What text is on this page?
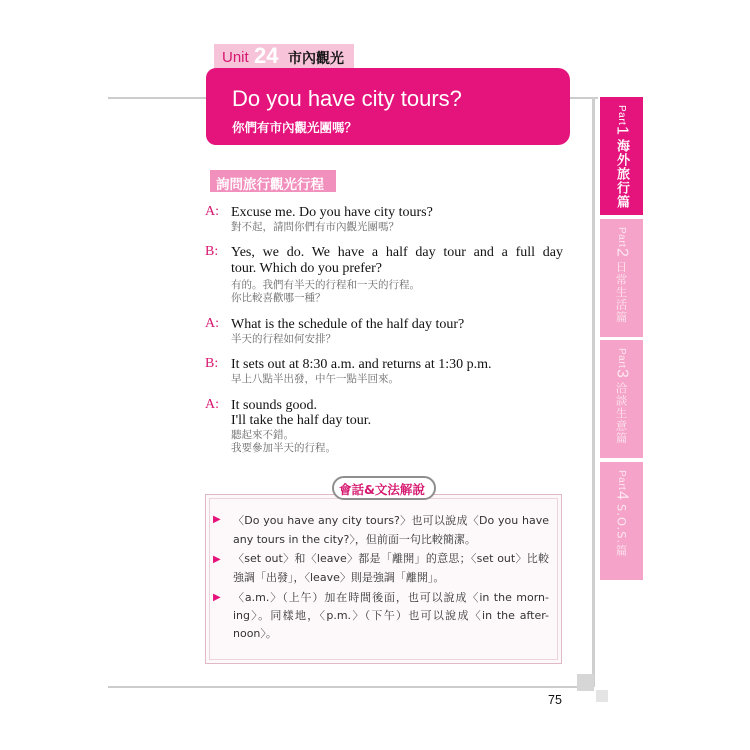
Unit 24 市內觀光
Do you have city tours?
你們有市內觀光團嗎？
詢問旅行觀光行程
A: Excuse me. Do you have city tours?
對不起，請問你們有市內觀光團嗎？
B: Yes, we do. We have a half day tour and a full day
tour. Which do you prefer?
有的。我們有半天的行程和一天的行程。
你比較喜歡哪一種？
A: What is the schedule of the half day tour?
半天的行程如何安排？
B: It sets out at 8:30 a.m. and returns at 1:30 p.m.
早上八點半出發，中午一點半回來。
A: It sounds good.
I'll take the half day tour.
聽起來不錯。
我要參加半天的行程。
會話&文法解說
▶ 〈Do you have any city tours?〉也可以說成〈Do you have
any tours in the city?〉，但前面一句比較簡潔。
▶ 〈set out〉和〈leave〉都是「離開」的意思；〈set out〉比較
強調「出發」，〈leave〉則是強調「離開」。
▶ 〈a.m.〉（上午）加在時間後面，也可以說成〈in the morn-
ing〉。同樣地，〈p.m.〉（下午）也可以說成〈in the after-
noon〉。
Part
1
海外旅行篇
Part
2
日常生活篇
Part
3
洽談生意篇
Part
4
S.O.S.篇
75
